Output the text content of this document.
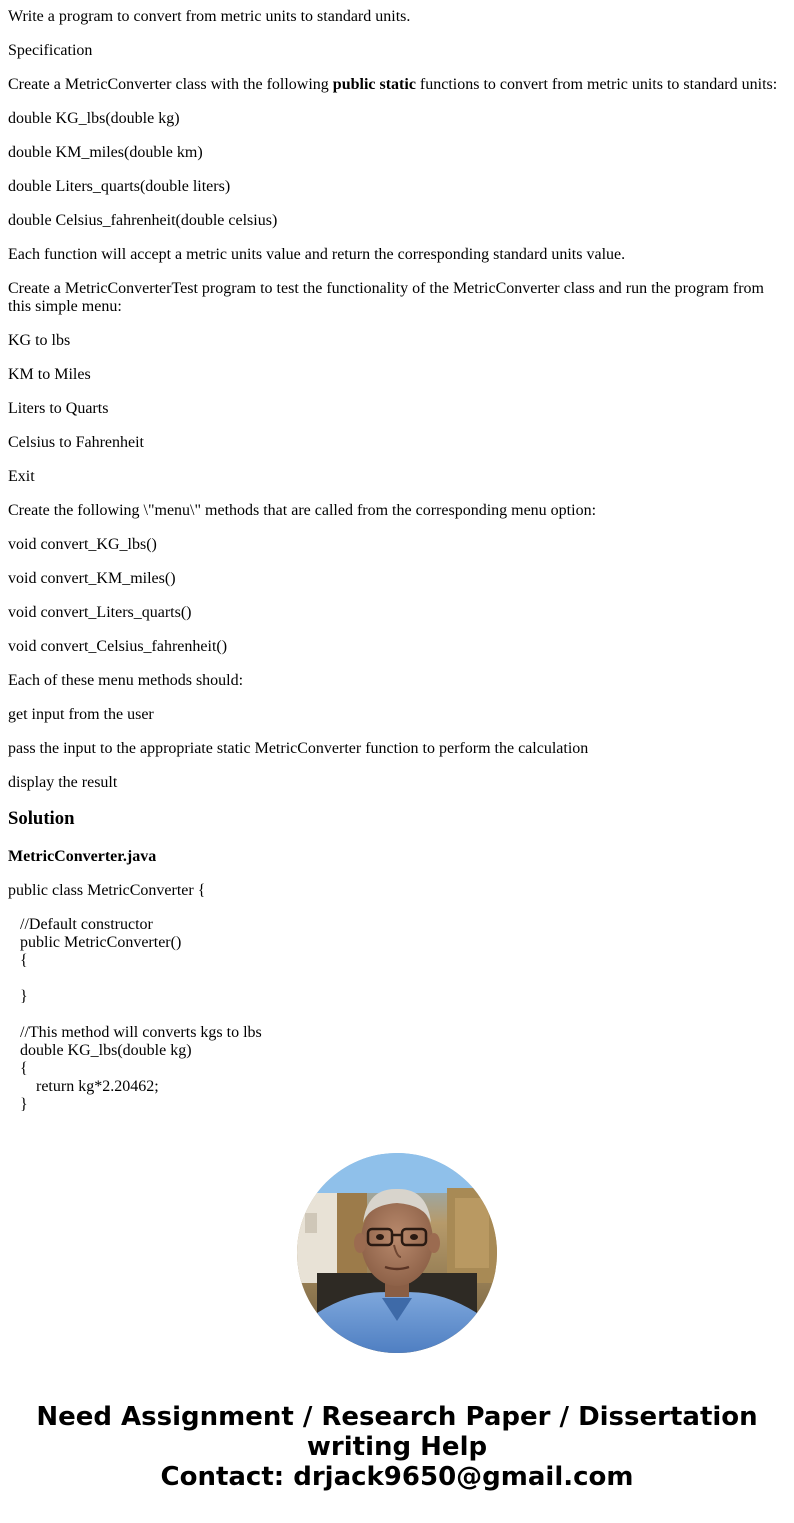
Write a program to convert from metric units to standard units.

Specification

Create a MetricConverter class with the following public static functions to convert from metric units to standard units:

double KG_lbs(double kg)

double KM_miles(double km)

double Liters_quarts(double liters)

double Celsius_fahrenheit(double celsius)

Each function will accept a metric units value and return the corresponding standard units value.

Create a MetricConverterTest program to test the functionality of the MetricConverter class and run the program from this simple menu:

KG to lbs

KM to Miles

Liters to Quarts

Celsius to Fahrenheit

Exit

Create the following \"menu\" methods that are called from the corresponding menu option:

void convert_KG_lbs()

void convert_KM_miles()

void convert_Liters_quarts()

void convert_Celsius_fahrenheit()

Each of these menu methods should:

get input from the user

pass the input to the appropriate static MetricConverter function to perform the calculation

display the result

Solution
MetricConverter.java

public class MetricConverter {

//Default constructor
public MetricConverter()
{
}
//This method will converts kgs to lbs
double KG_lbs(double kg)
{
return kg*2.20462;
}
Need Assignment / Research Paper / Dissertation
writing Help
Contact: drjack9650@gmail.com
